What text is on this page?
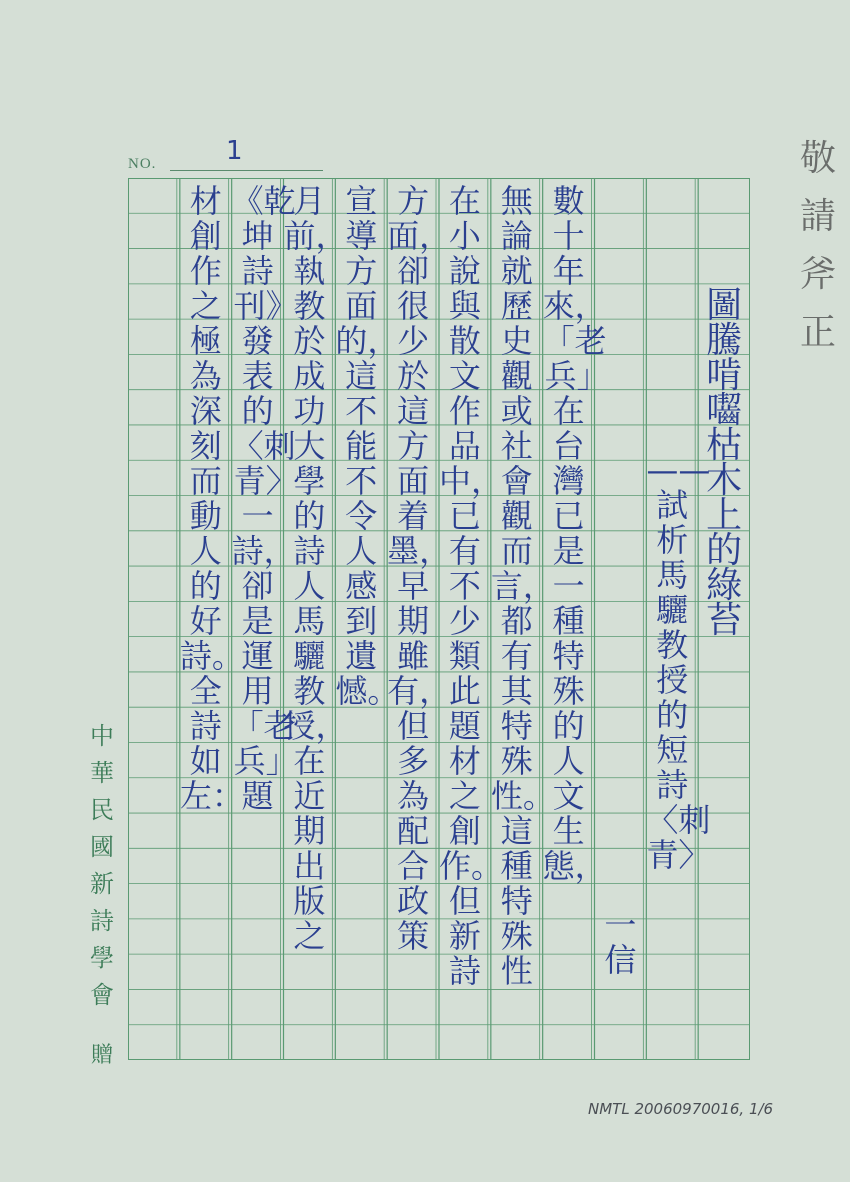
NO.	1
圖騰啃囓枯木上的綠苔
——試析馬驪教授的短詩〈刺青〉
一信
數十年來，「老兵」在台灣已是一種特殊的人文生態，
無論就歷史觀或社會觀而言，都有其特殊性。這種特殊性
在小說與散文作品中，已有不少類此題材之創作。但新詩
方面，卻很少於這方面着墨，早期雖有，但多為配合政策
宣導方面的，這不能不令人感到遺憾。
月前，執教於成功大學的詩人馬驪教授，在近期出版之
《乾坤詩刊》發表的〈刺青〉一詩，卻是運用「老兵」題
材創作之極為深刻而動人的好詩。全詩如左：
中華民國新詩學會
贈
敬請斧正
NMTL 20060970016, 1/6
